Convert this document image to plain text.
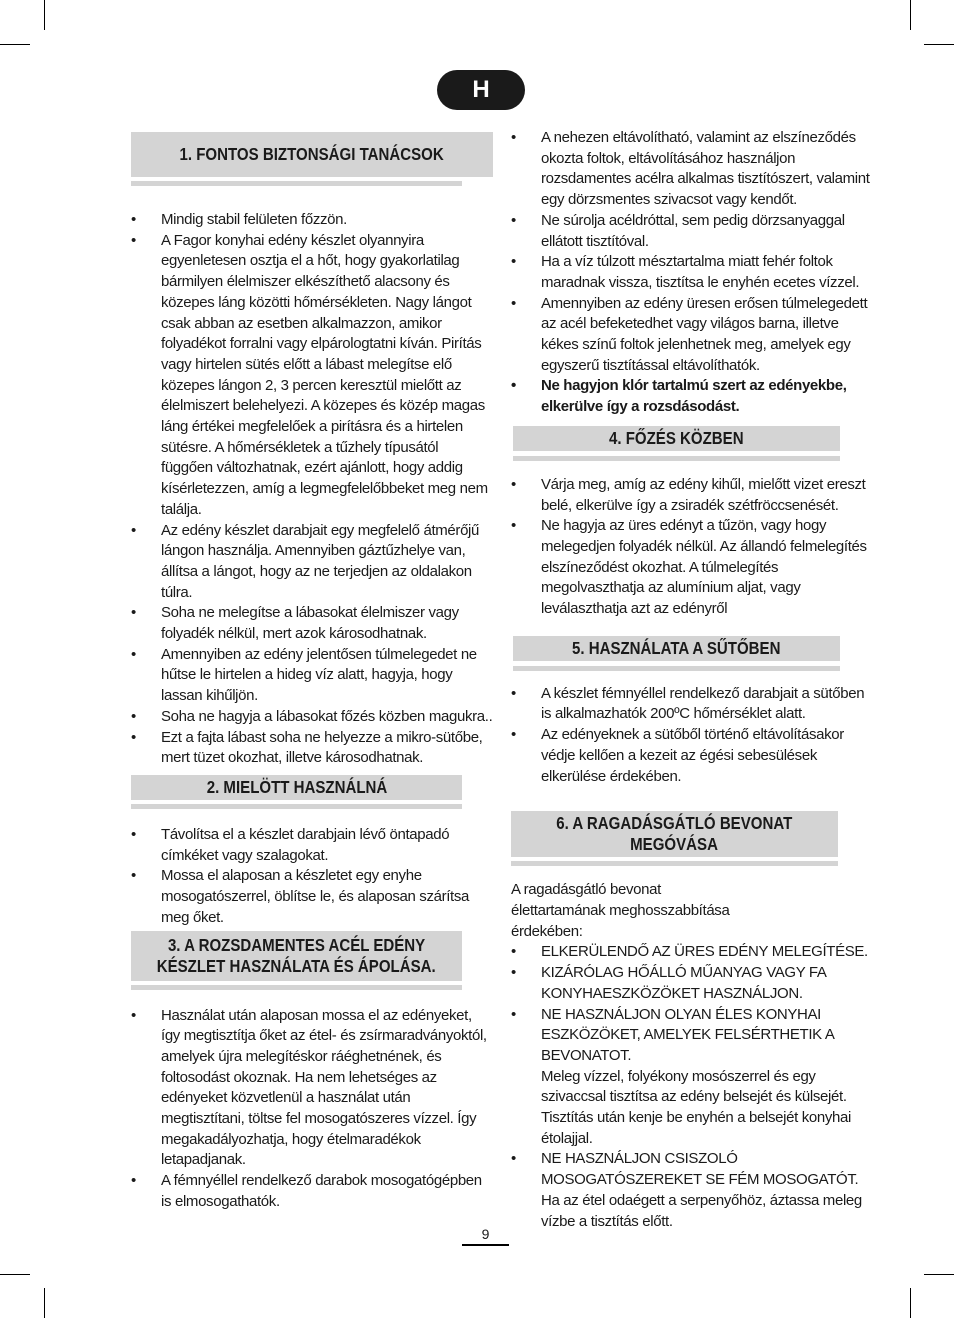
H
1. FONTOS BIZTONSÁGI TANÁCSOK
• Mindig stabil felületen főzzön.
• A Fagor konyhai edény készlet olyannyira egyenletesen osztja el a hőt, hogy gyakorlatilag bármilyen élelmiszer elkészíthető alacsony és közepes láng közötti hőmérsékleten. Nagy lángot csak abban az esetben alkalmazzon, amikor folyadékot forralni vagy elpárologtatni kíván. Pirítás vagy hirtelen sütés előtt a lábast melegítse elő közepes lángon 2, 3 percen keresztül mielőtt az élelmiszert belehelyezi. A közepes és közép magas láng értékei megfelelőek a pirításra és a hirtelen sütésre. A hőmérsékletek a tűzhely típusától függően változhatnak, ezért ajánlott, hogy addig kísérletezzen, amíg a legmegfelelőbbeket meg nem találja.
• Az edény készlet darabjait egy megfelelő átmérőjű lángon használja. Amennyiben gáztűzhelye van, állítsa a lángot, hogy az ne terjedjen az oldalakon túlra.
• Soha ne melegítse a lábasokat élelmiszer vagy folyadék nélkül, mert azok károsodhatnak.
• Amennyiben az edény jelentősen túlmelegedet ne hűtse le hirtelen a hideg víz alatt, hagyja, hogy lassan kihűljön.
• Soha ne hagyja a lábasokat főzés közben magukra..
• Ezt a fajta lábast soha ne helyezze a mikro-sütőbe, mert tüzet okozhat, illetve károsodhatnak.
2. MIELÖTT HASZNÁLNÁ
• Távolítsa el a készlet darabjain lévő öntapadó címkéket vagy szalagokat.
• Mossa el alaposan a készletet egy enyhe mosogatószerrel, öblítse le, és alaposan szárítsa meg őket.
3. A ROZSDAMENTES ACÉL EDÉNY
KÉSZLET HASZNÁLATA ÉS ÁPOLÁSA.
• Használat után alaposan mossa el az edényeket, így megtisztítja őket az étel- és zsírmaradványoktól, amelyek újra melegítéskor ráéghetnének, és foltosodást okoznak. Ha nem lehetséges az edényeket közvetlenül a használat után megtisztítani, töltse fel mosogatószeres vízzel. Így megakadályozhatja, hogy ételmaradékok letapadjanak.
• A fémnyéllel rendelkező darabok mosogatógépben is elmosogathatók.
• A nehezen eltávolítható, valamint az elszíneződés okozta foltok, eltávolításához használjon rozsdamentes acélra alkalmas tisztítószert, valamint egy dörzsmentes szivacsot vagy kendőt.
• Ne súrolja acéldróttal, sem pedig dörzsanyaggal ellátott tisztítóval.
• Ha a víz túlzott mésztartalma miatt fehér foltok maradnak vissza, tisztítsa le enyhén ecetes vízzel.
• Amennyiben az edény üresen erősen túlmelegedett az acél befeketedhet vagy világos barna, illetve kékes színű foltok jelenhetnek meg, amelyek egy egyszerű tisztítással eltávolíthatók.
• Ne hagyjon klór tartalmú szert az edényekbe, elkerülve így a rozsdásodást.
4. FŐZÉS KÖZBEN
• Várja meg, amíg az edény kihűl, mielőtt vizet ereszt belé, elkerülve így a zsiradék szétfröccsenését.
• Ne hagyja az üres edényt a tűzön, vagy hogy melegedjen folyadék nélkül. Az állandó felmelegítés elszíneződést okozhat. A túlmelegítés megolvaszthatja az alumínium aljat, vagy leválaszthatja azt az edényről
5. HASZNÁLATA A SŰTŐBEN
• A készlet fémnyéllel rendelkező darabjait a sütőben is alkalmazhatók 200ºC hőmérséklet alatt.
• Az edényeknek a sütőből történő eltávolításakor védje kellően a kezeit az égési sebesülések elkerülése érdekében.
6. A RAGADÁSGÁTLÓ BEVONAT
MEGÓVÁSA
A ragadásgátló bevonat élettartamának meghosszabbítása érdekében:
• ELKERÜLENDŐ AZ ÜRES EDÉNY MELEGÍTÉSE.
• KIZÁRÓLAG HŐÁLLÓ MŰANYAG VAGY FA KONYHAESZKÖZÖKET HASZNÁLJON.
• NE HASZNÁLJON OLYAN ÉLES KONYHAI ESZKÖZÖKET, AMELYEK FELSÉRTHETIK A BEVONATOT.
Meleg vízzel, folyékony mosószerrel és egy szivaccsal tisztítsa az edény belsejét és külsejét. Tisztítás után kenje be enyhén a belsejét konyhai étolajjal.
• NE HASZNÁLJON CSISZOLÓ MOSOGATÓSZEREKET SE FÉM MOSOGATÓT.
Ha az étel odaégett a serpenyőhöz, áztassa meleg vízbe a tisztítás előtt.
9
